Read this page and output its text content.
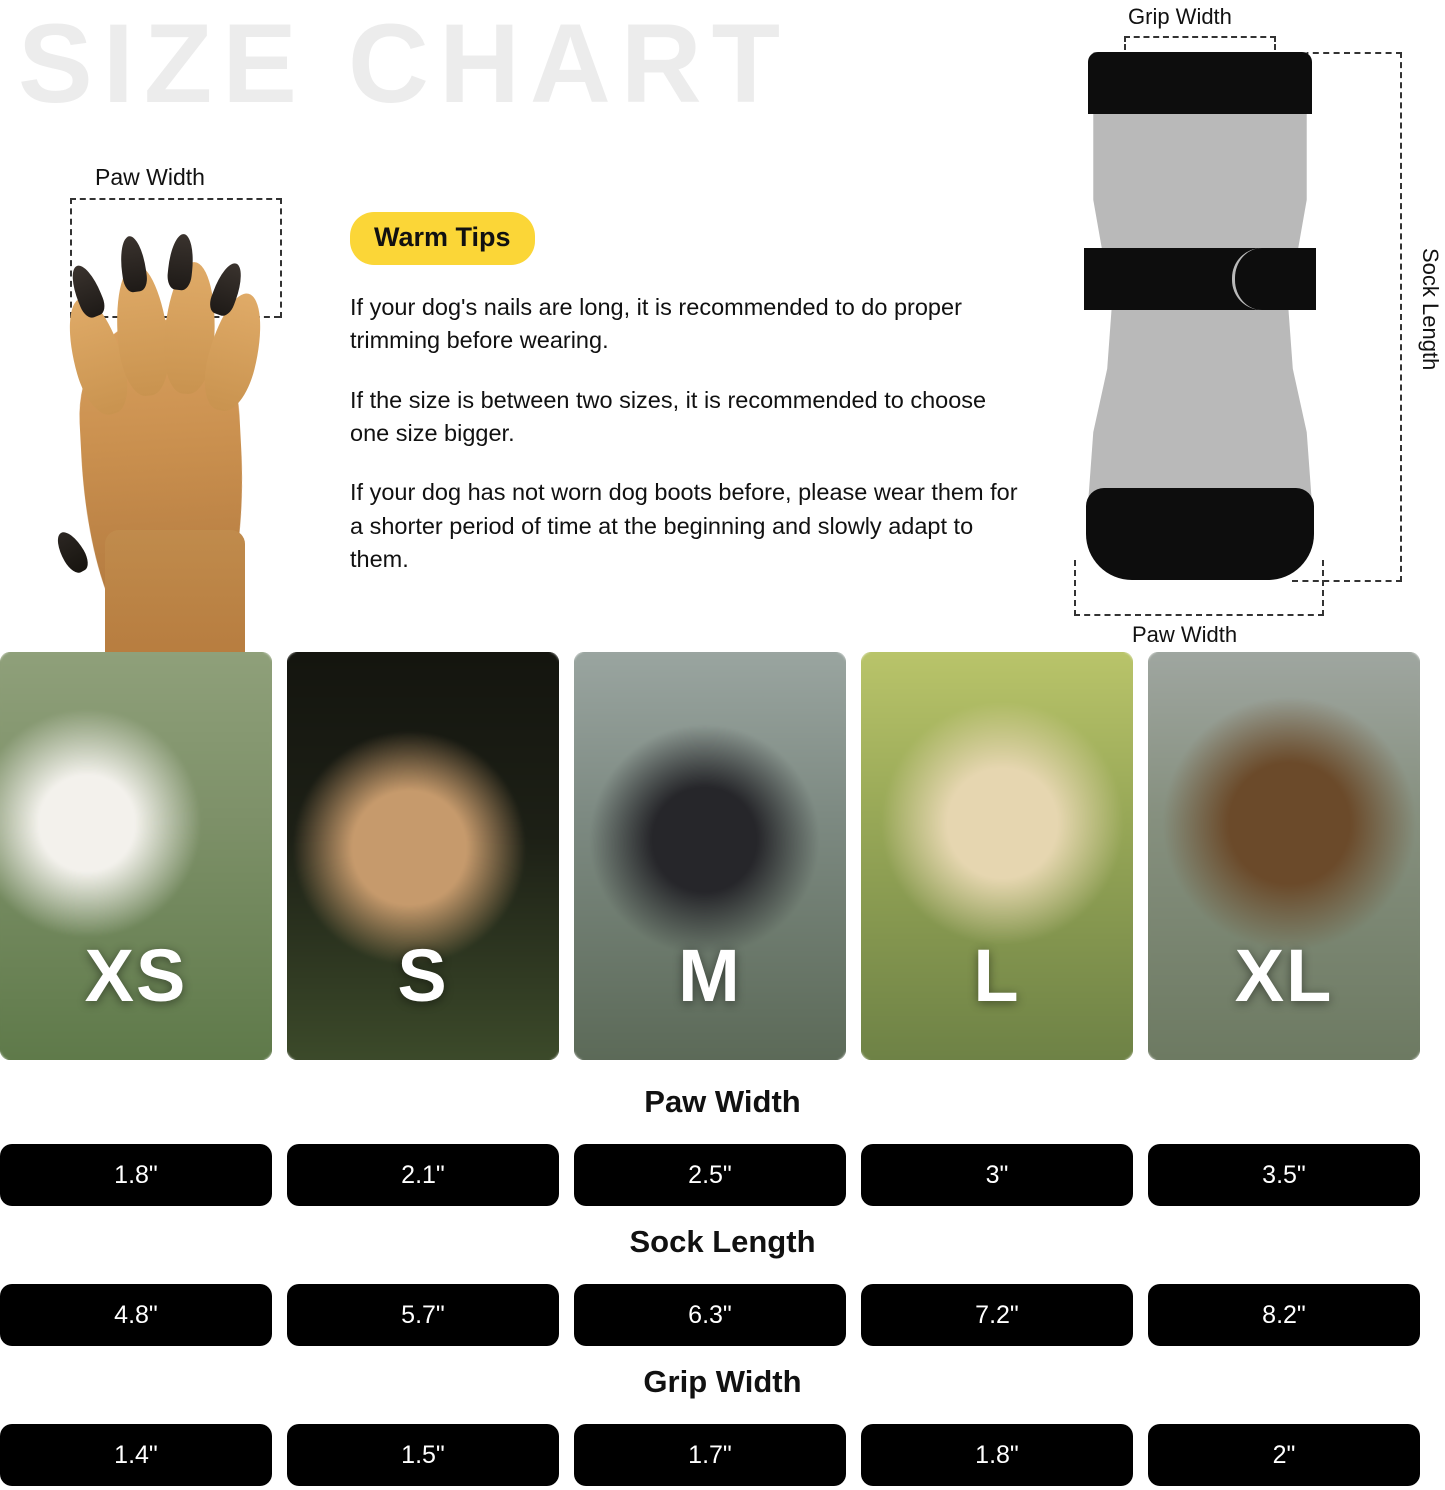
SIZE CHART
Paw Width
Warm Tips

If your dog's nails are long, it is recommended to do proper trimming before wearing.

If the size is between two sizes, it is recommended to choose one size bigger.

If your dog has not worn dog boots before, please wear them for a shorter period of time at the beginning and slowly adapt to them.

Grip Width
Sock Length
Paw Width
XS	S	M	L	XL
Paw Width
1.8"	2.1"	2.5"	3"	3.5"
Sock Length
4.8"	5.7"	6.3"	7.2"	8.2"
Grip Width
1.4"	1.5"	1.7"	1.8"	2"
